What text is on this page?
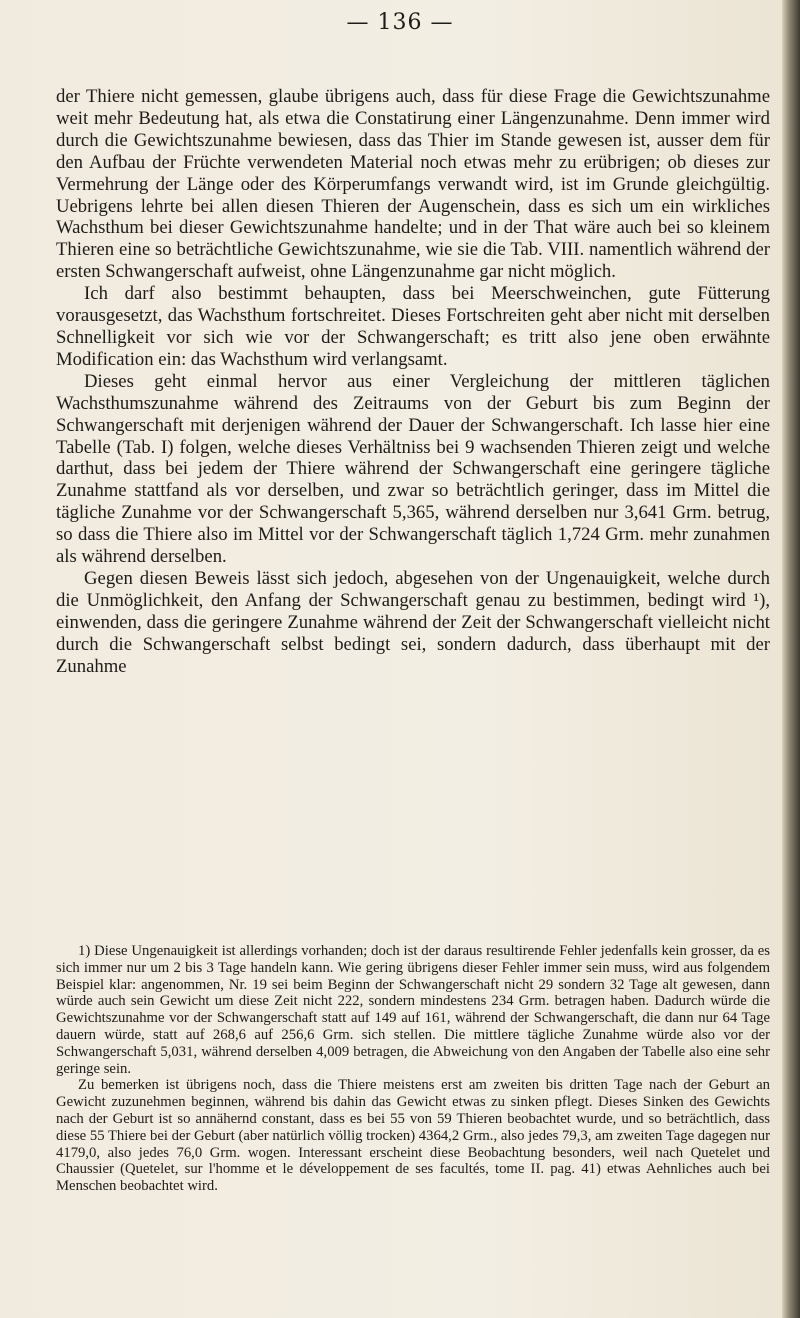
— 136 —

der Thiere nicht gemessen, glaube übrigens auch, dass für diese Frage die Gewichtszunahme weit mehr Bedeutung hat, als etwa die Constatirung einer Längenzunahme. Denn immer wird durch die Gewichtszunahme bewiesen, dass das Thier im Stande gewesen ist, ausser dem für den Aufbau der Früchte verwendeten Material noch etwas mehr zu erübrigen; ob dieses zur Vermehrung der Länge oder des Körperumfangs verwandt wird, ist im Grunde gleichgültig. Uebrigens lehrte bei allen diesen Thieren der Augenschein, dass es sich um ein wirkliches Wachsthum bei dieser Gewichtszunahme handelte; und in der That wäre auch bei so kleinem Thieren eine so beträchtliche Gewichtszunahme, wie sie die Tab. VIII. namentlich während der ersten Schwangerschaft aufweist, ohne Längenzunahme gar nicht möglich.

Ich darf also bestimmt behaupten, dass bei Meerschweinchen, gute Fütterung vorausgesetzt, das Wachsthum fortschreitet. Dieses Fortschreiten geht aber nicht mit derselben Schnelligkeit vor sich wie vor der Schwangerschaft; es tritt also jene oben erwähnte Modification ein: das Wachsthum wird verlangsamt.

Dieses geht einmal hervor aus einer Vergleichung der mittleren täglichen Wachsthumszunahme während des Zeitraums von der Geburt bis zum Beginn der Schwangerschaft mit derjenigen während der Dauer der Schwangerschaft. Ich lasse hier eine Tabelle (Tab. I) folgen, welche dieses Verhältniss bei 9 wachsenden Thieren zeigt und welche darthut, dass bei jedem der Thiere während der Schwangerschaft eine geringere tägliche Zunahme stattfand als vor derselben, und zwar so beträchtlich geringer, dass im Mittel die tägliche Zunahme vor der Schwangerschaft 5,365, während derselben nur 3,641 Grm. betrug, so dass die Thiere also im Mittel vor der Schwangerschaft täglich 1,724 Grm. mehr zunahmen als während derselben.

Gegen diesen Beweis lässt sich jedoch, abgesehen von der Ungenauigkeit, welche durch die Unmöglichkeit, den Anfang der Schwangerschaft genau zu bestimmen, bedingt wird ¹), einwenden, dass die geringere Zunahme während der Zeit der Schwangerschaft vielleicht nicht durch die Schwangerschaft selbst bedingt sei, sondern dadurch, dass überhaupt mit der Zunahme

1) Diese Ungenauigkeit ist allerdings vorhanden; doch ist der daraus resultirende Fehler jedenfalls kein grosser, da es sich immer nur um 2 bis 3 Tage handeln kann. Wie gering übrigens dieser Fehler immer sein muss, wird aus folgendem Beispiel klar: angenommen, Nr. 19 sei beim Beginn der Schwangerschaft nicht 29 sondern 32 Tage alt gewesen, dann würde auch sein Gewicht um diese Zeit nicht 222, sondern mindestens 234 Grm. betragen haben. Dadurch würde die Gewichtszunahme vor der Schwangerschaft statt auf 149 auf 161, während der Schwangerschaft, die dann nur 64 Tage dauern würde, statt auf 268,6 auf 256,6 Grm. sich stellen. Die mittlere tägliche Zunahme würde also vor der Schwangerschaft 5,031, während derselben 4,009 betragen, die Abweichung von den Angaben der Tabelle also eine sehr geringe sein.

Zu bemerken ist übrigens noch, dass die Thiere meistens erst am zweiten bis dritten Tage nach der Geburt an Gewicht zuzunehmen beginnen, während bis dahin das Gewicht etwas zu sinken pflegt. Dieses Sinken des Gewichts nach der Geburt ist so annähernd constant, dass es bei 55 von 59 Thieren beobachtet wurde, und so beträchtlich, dass diese 55 Thiere bei der Geburt (aber natürlich völlig trocken) 4364,2 Grm., also jedes 79,3, am zweiten Tage dagegen nur 4179,0, also jedes 76,0 Grm. wogen. Interessant erscheint diese Beobachtung besonders, weil nach Quetelet und Chaussier (Quetelet, sur l'homme et le développement de ses facultés, tome II. pag. 41) etwas Aehnliches auch bei Menschen beobachtet wird.
